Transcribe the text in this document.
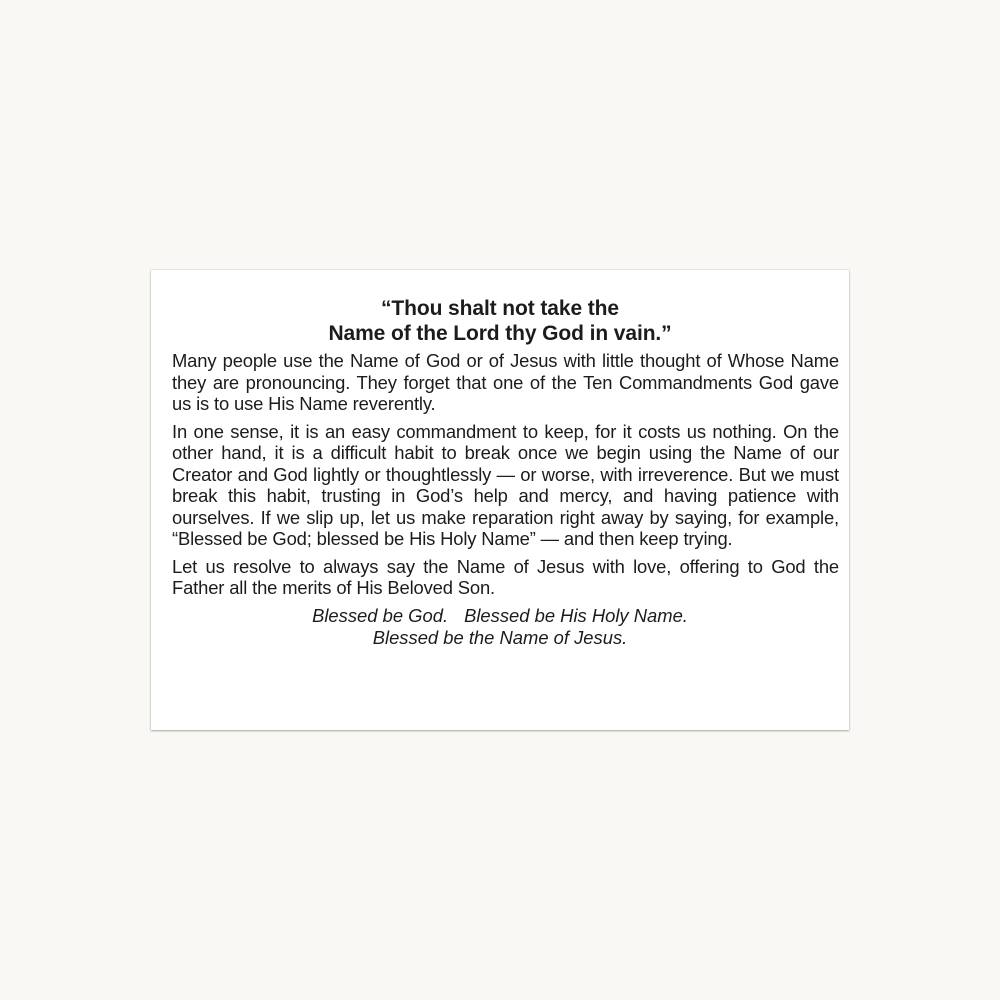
“Thou shalt not take the
Name of the Lord thy God in vain.”

Many people use the Name of God or of Jesus with little thought of Whose Name they are pronouncing. They forget that one of the Ten Commandments God gave us is to use His Name reverently.

In one sense, it is an easy commandment to keep, for it costs us nothing. On the other hand, it is a difficult habit to break once we begin using the Name of our Creator and God lightly or thoughtlessly — or worse, with irreverence. But we must break this habit, trusting in God’s help and mercy, and having patience with ourselves. If we slip up, let us make reparation right away by saying, for example, “Blessed be God; blessed be His Holy Name” — and then keep trying.

Let us resolve to always say the Name of Jesus with love, offering to God the Father all the merits of His Beloved Son.

Blessed be God. Blessed be His Holy Name.
Blessed be the Name of Jesus.
